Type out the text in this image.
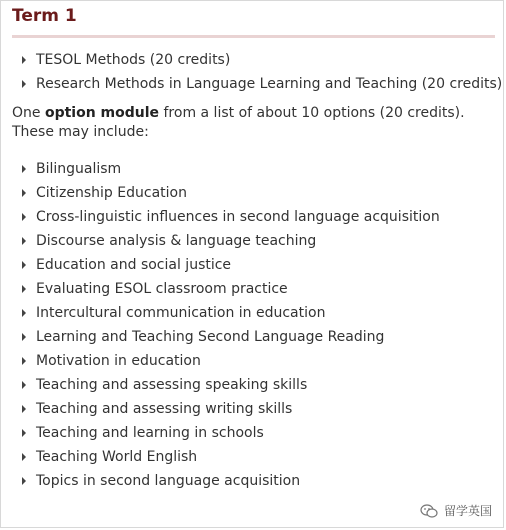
Term 1
TESOL Methods (20 credits)
Research Methods in Language Learning and Teaching (20 credits)

One option module from a list of about 10 options (20 credits). These may include:

Bilingualism
Citizenship Education
Cross-linguistic influences in second language acquisition
Discourse analysis & language teaching
Education and social justice
Evaluating ESOL classroom practice
Intercultural communication in education
Learning and Teaching Second Language Reading
Motivation in education
Teaching and assessing speaking skills
Teaching and assessing writing skills
Teaching and learning in schools
Teaching World English
Topics in second language acquisition
留学英国
